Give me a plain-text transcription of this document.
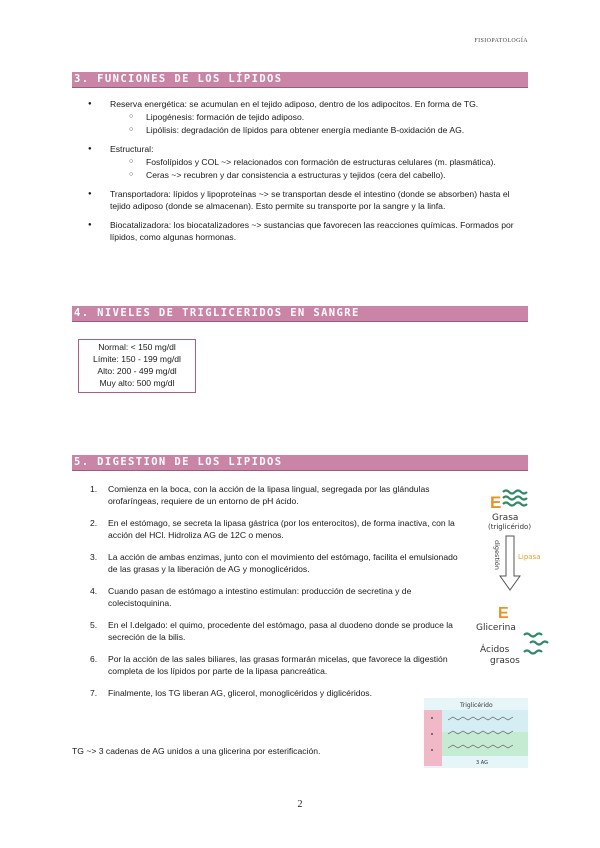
FISIOPATOLOGÍA
3. FUNCIONES DE LOS LÍPIDOS
● Reserva energética: se acumulan en el tejido adiposo, dentro de los adipocitos. En forma de TG.
○ Lipogénesis: formación de tejido adiposo.
○ Lipólisis: degradación de lípidos para obtener energía mediante B-oxidación de AG.
● Estructural:
○ Fosfolípidos y COL ~> relacionados con formación de estructuras celulares (m. plasmática).
○ Ceras ~> recubren y dar consistencia a estructuras y tejidos (cera del cabello).
● Transportadora: lípidos y lipoproteínas ~> se transportan desde el intestino (donde se absorben) hasta el tejido adiposo (donde se almacenan). Esto permite su transporte por la sangre y la linfa.
● Biocatalizadora: los biocatalizadores ~> sustancias que favorecen las reacciones químicas. Formados por lípidos, como algunas hormonas.
4. NIVELES DE TRIGLICERIDOS EN SANGRE
Normal: < 150 mg/dl
Límite: 150 - 199 mg/dl
Alto: 200 - 499 mg/dl
Muy alto: 500 mg/dl
5. DIGESTION DE LOS LIPIDOS
1. Comienza en la boca, con la acción de la lipasa lingual, segregada por las glándulas orofaríngeas, requiere de un entorno de pH ácido.
2. En el estómago, se secreta la lipasa gástrica (por los enterocitos), de forma inactiva, con la acción del HCl. Hidroliza AG de 12C o menos.
3. La acción de ambas enzimas, junto con el movimiento del estómago, facilita el emulsionado de las grasas y la liberación de AG y monoglicéridos.
4. Cuando pasan de estómago a intestino estimulan: producción de secretina y de colecistoquinina.
5. En el I.delgado: el quimo, procedente del estómago, pasa al duodeno donde se produce la secreción de la bilis.
6. Por la acción de las sales biliares, las grasas formarán micelas, que favorece la digestión completa de los lípidos por parte de la lipasa pancreática.
7. Finalmente, los TG liberan AG, glicerol, monoglicéridos y diglicéridos.
TG ~> 3 cadenas de AG unidos a una glicerina por esterificación.
E
Grasa
(triglicérido)
digestión Lipasa
E
Glicerina
Ácidos
grasos
Triglicérido
3 AG
2
